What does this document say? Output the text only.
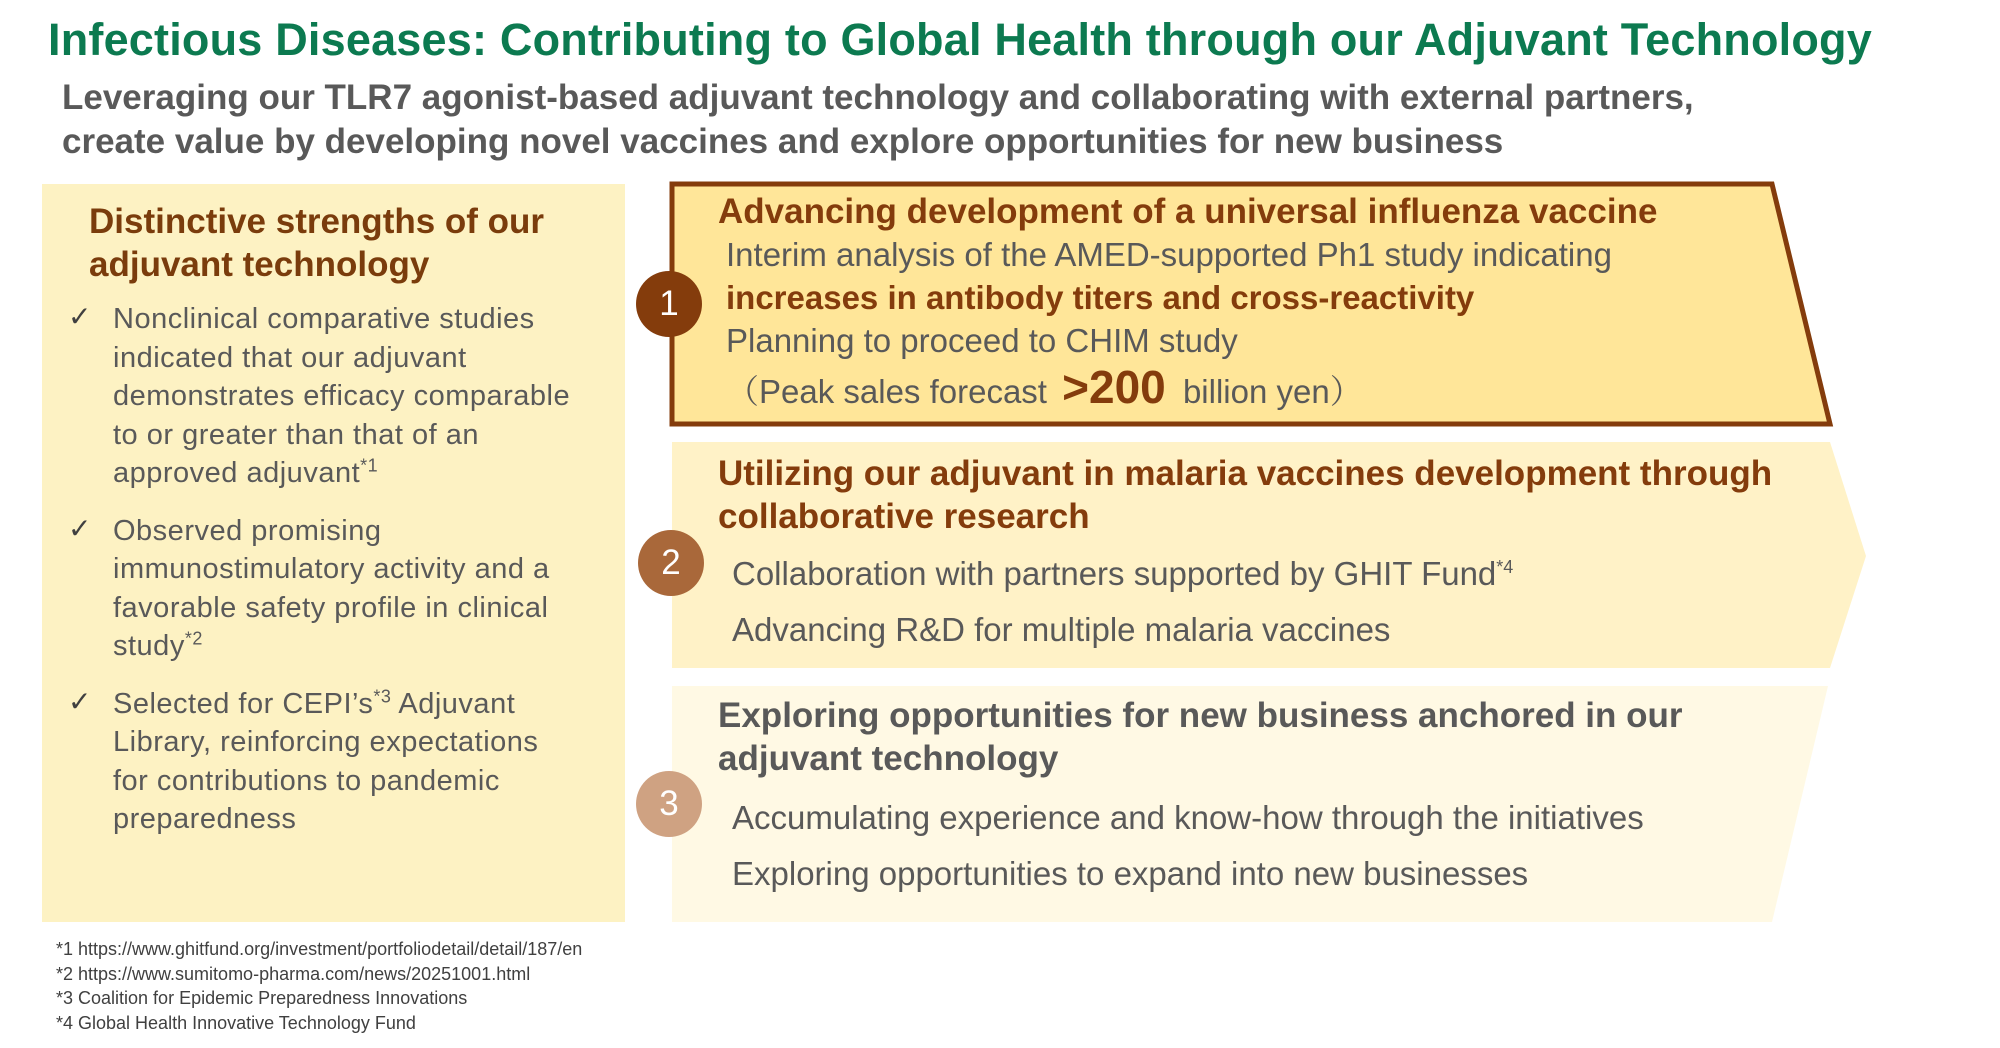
Infectious Diseases: Contributing to Global Health through our Adjuvant Technology
Leveraging our TLR7 agonist-based adjuvant technology and collaborating with external partners,
create value by developing novel vaccines and explore opportunities for new business
Distinctive strengths of our
adjuvant technology
✓ Nonclinical comparative studies
indicated that our adjuvant
demonstrates efficacy comparable
to or greater than that of an
approved adjuvant$^{*1}$
✓ Observed promising
immunostimulatory activity and a
favorable safety profile in clinical
study$^{*2}$
✓ Selected for $CEPI’s^{*3}$ Adjuvant
Library, reinforcing expectations
for contributions to pandemic
preparedness
1
2
3
Advancing development of a universal influenza vaccine
Interim analysis of the AMED-supported Ph1 study indicating
increases in antibody titers and cross-reactivity
Planning to proceed to CHIM study
（Peak sales forecast >200 billion yen）
Utilizing our adjuvant in malaria vaccines development through
collaborative research
Collaboration with partners supported by GHIT Fund$^{*4}$
Advancing R&D for multiple malaria vaccines
Exploring opportunities for new business anchored in our
adjuvant technology
Accumulating experience and know-how through the initiatives
Exploring opportunities to expand into new businesses
*1 https://www.ghitfund.org/investment/portfoliodetail/detail/187/en
*2 https://www.sumitomo-pharma.com/news/20251001.html
*3 Coalition for Epidemic Preparedness Innovations
*4 Global Health Innovative Technology Fund
